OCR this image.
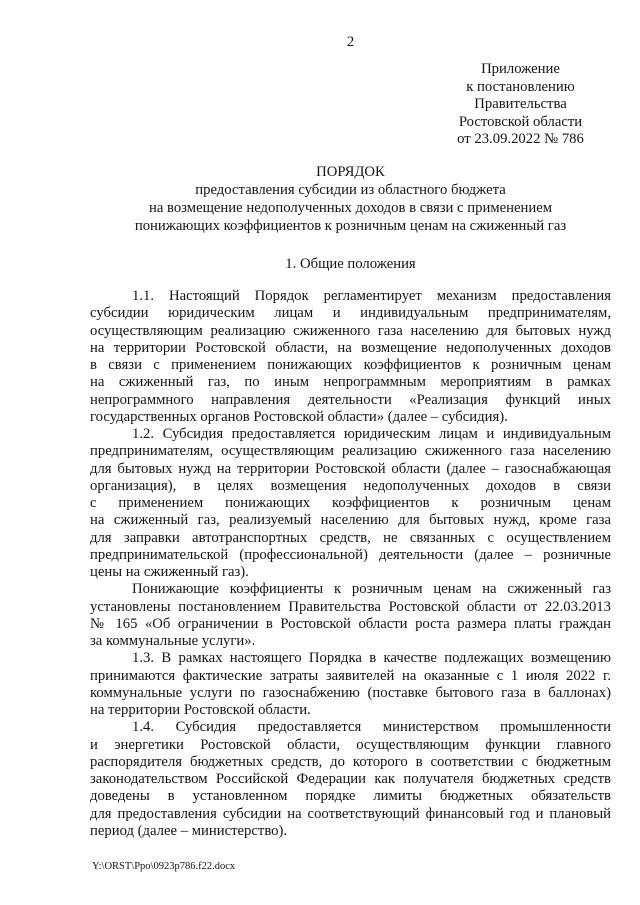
2
Приложение
к постановлению
Правительства
Ростовской области
от 23.09.2022 № 786
ПОРЯДОК
предоставления субсидии из областного бюджета
на возмещение недополученных доходов в связи с применением
понижающих коэффициентов к розничным ценам на сжиженный газ
1. Общие положения
1.1. Настоящий Порядок регламентирует механизм предоставления
субсидии юридическим лицам и индивидуальным предпринимателям,
осуществляющим реализацию сжиженного газа населению для бытовых нужд
на территории Ростовской области, на возмещение недополученных доходов
в связи с применением понижающих коэффициентов к розничным ценам
на сжиженный газ, по иным непрограммным мероприятиям в рамках
непрограммного направления деятельности «Реализация функций иных
государственных органов Ростовской области» (далее – субсидия).
1.2. Субсидия предоставляется юридическим лицам и индивидуальным
предпринимателям, осуществляющим реализацию сжиженного газа населению
для бытовых нужд на территории Ростовской области (далее – газоснабжающая
организация), в целях возмещения недополученных доходов в связи
с применением понижающих коэффициентов к розничным ценам
на сжиженный газ, реализуемый населению для бытовых нужд, кроме газа
для заправки автотранспортных средств, не связанных с осуществлением
предпринимательской (профессиональной) деятельности (далее – розничные
цены на сжиженный газ).
Понижающие коэффициенты к розничным ценам на сжиженный газ
установлены постановлением Правительства Ростовской области от 22.03.2013
№ 165 «Об ограничении в Ростовской области роста размера платы граждан
за коммунальные услуги».
1.3. В рамках настоящего Порядка в качестве подлежащих возмещению
принимаются фактические затраты заявителей на оказанные с 1 июля 2022 г.
коммунальные услуги по газоснабжению (поставке бытового газа в баллонах)
на территории Ростовской области.
1.4. Субсидия предоставляется министерством промышленности
и энергетики Ростовской области, осуществляющим функции главного
распорядителя бюджетных средств, до которого в соответствии с бюджетным
законодательством Российской Федерации как получателя бюджетных средств
доведены в установленном порядке лимиты бюджетных обязательств
для предоставления субсидии на соответствующий финансовый год и плановый
период (далее – министерство).
Y:\ORST\Ppo\0923p786.f22.docx
